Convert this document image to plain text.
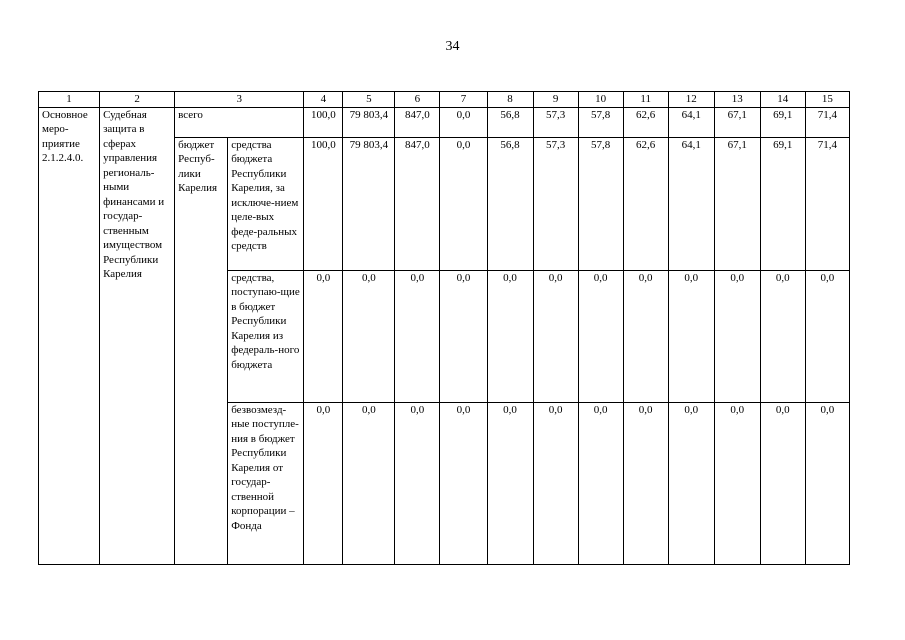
34
1	2	3		4	5	6	7	8	9	10	11	12	13	14	15
Основное меро-приятие 2.1.2.4.0.	Судебная защита в сферах управления региональ-ными финансами и государ-ственным имуществом Республики Карелия	всего		100,0	79 803,4	847,0	0,0	56,8	57,3	57,8	62,6	64,1	67,1	69,1	71,4
		бюджет Респуб-лики Карелия	средства бюджета Республики Карелия, за исключе-нием целе-вых феде-ральных средств	100,0	79 803,4	847,0	0,0	56,8	57,3	57,8	62,6	64,1	67,1	69,1	71,4
			средства, поступаю-щие в бюджет Республики Карелия из федераль-ного бюджета	0,0	0,0	0,0	0,0	0,0	0,0	0,0	0,0	0,0	0,0	0,0	0,0
			безвозмезд-ные поступле-ния в бюджет Республики Карелия от государ-ственной корпорации – Фонда	0,0	0,0	0,0	0,0	0,0	0,0	0,0	0,0	0,0	0,0	0,0	0,0
